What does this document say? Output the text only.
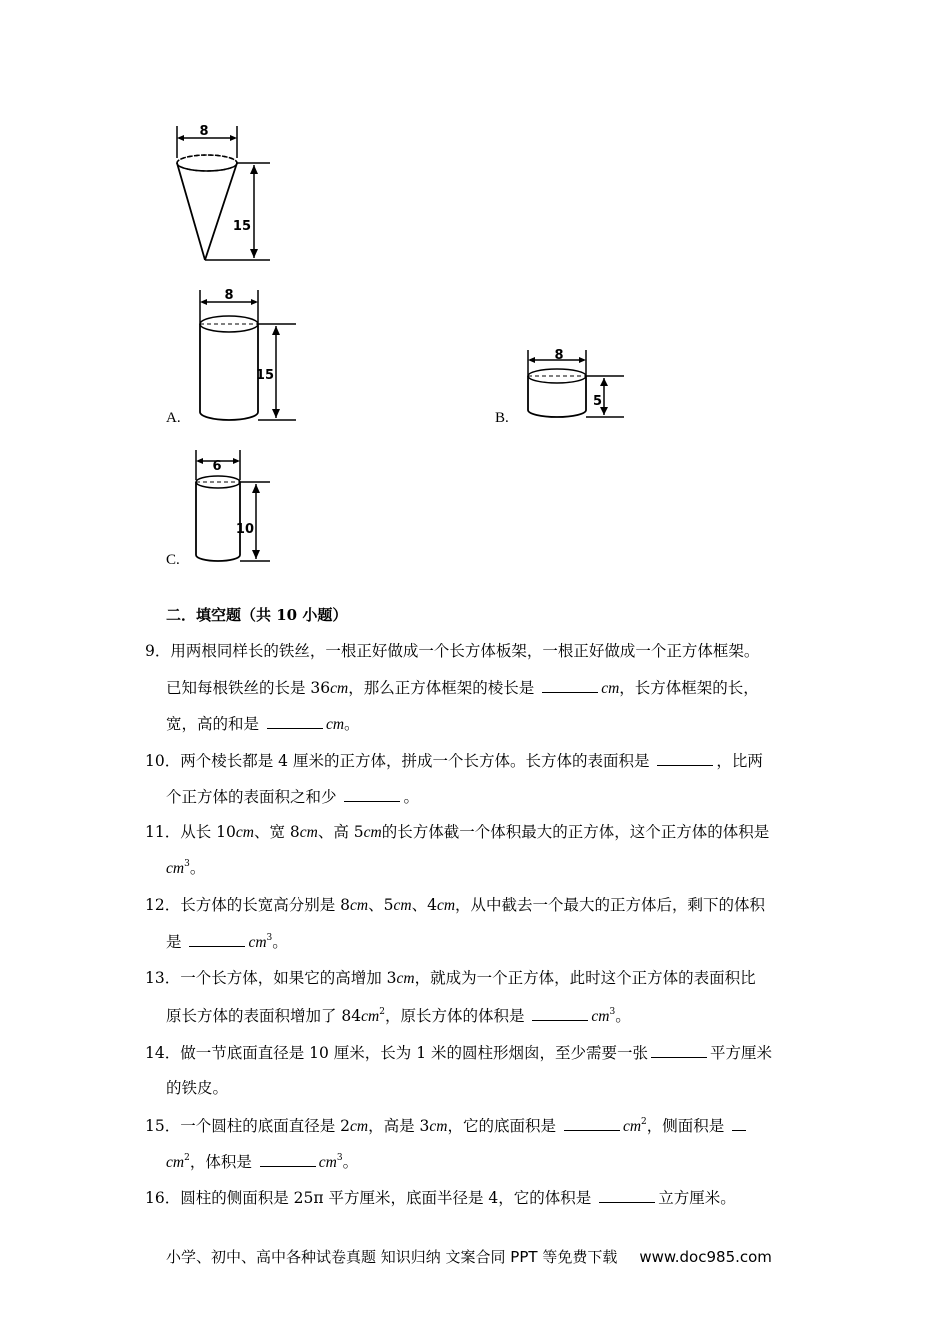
8
15
8
15
A.
8
5
B.
6
10
C.
二．填空题（共 10 小题）
9．用两根同样长的铁丝，一根正好做成一个长方体板架，一根正好做成一个正方体框架。
已知每根铁丝的长是 36cm，那么正方体框架的棱长是	cm，长方体框架的长，
宽，高的和是	cm。
10．两个棱长都是 4 厘米的正方体，拼成一个长方体。长方体的表面积是	，比两
个正方体的表面积之和少	。
11．从长 10cm、宽 8cm、高 5cm的长方体截一个体积最大的正方体，这个正方体的体积是
$cm^3$。
12．长方体的长宽高分别是 8cm、5cm、4cm，从中截去一个最大的正方体后，剩下的体积
是	$cm^3$。
13．一个长方体，如果它的高增加 3cm，就成为一个正方体，此时这个正方体的表面积比
原长方体的表面积增加了 $84cm^2$，原长方体的体积是	$cm^3$。
14．做一节底面直径是 10 厘米，长为 1 米的圆柱形烟囱，至少需要一张	平方厘米
的铁皮。
15．一个圆柱的底面直径是 2cm，高是 3cm，它的底面积是	$cm^2$，侧面积是
$cm^2$，体积是	$cm^3$。
16．圆柱的侧面积是 25π 平方厘米，底面半径是 4，它的体积是	立方厘米。
小学、初中、高中各种试卷真题 知识归纳 文案合同 PPT 等免费下载 www.doc985.com
